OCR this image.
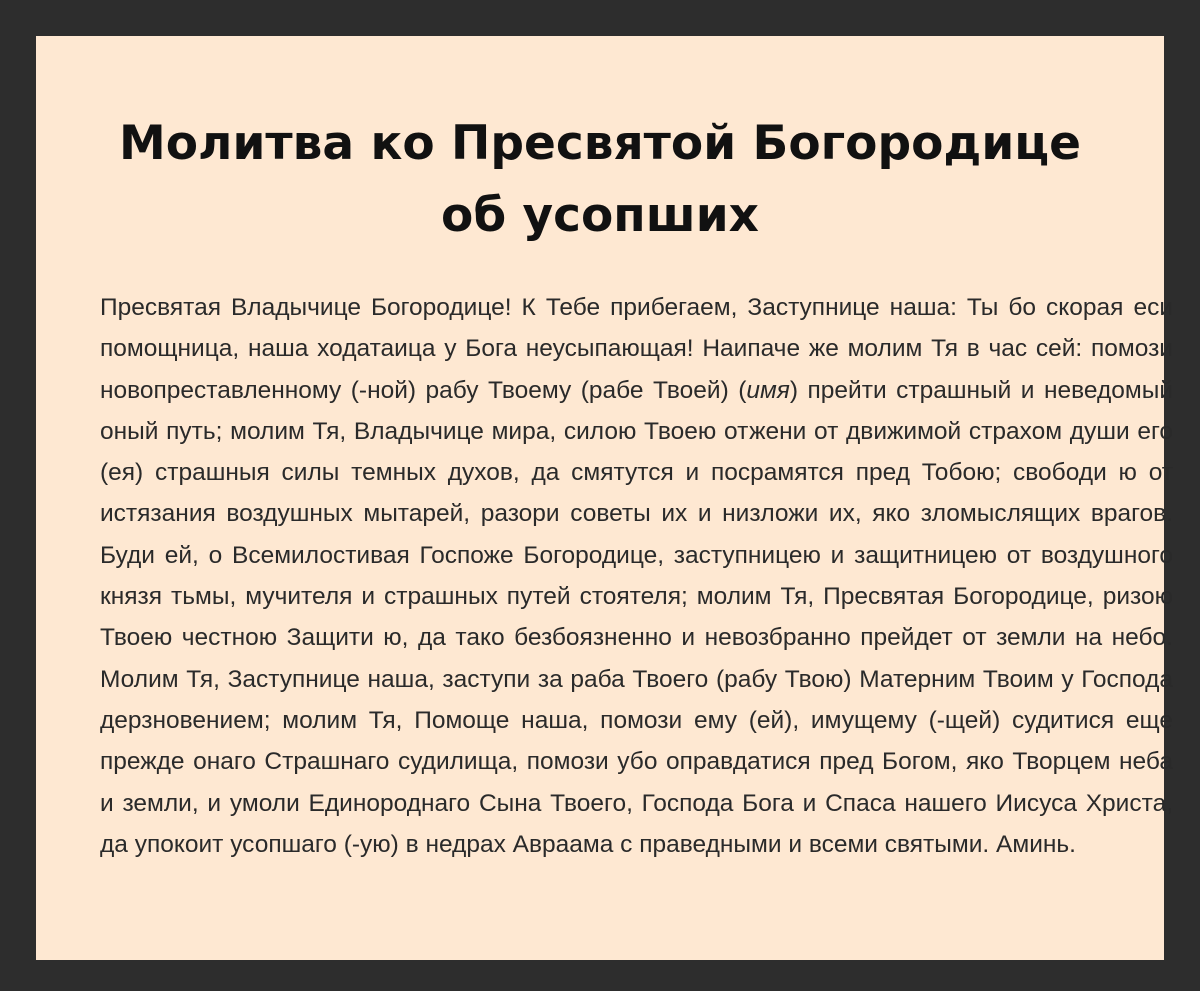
Молитва ко Пресвятой Богородице
об усопших

Пресвятая Владычице Богородице! К Тебе прибегаем, Заступнице наша: Ты бо скорая еси помощница, наша ходатаица у Бога неусыпающая! Наипаче же молим Тя в час сей: помози новопреставленному (-ной) рабу Твоему (рабе Твоей) (имя) прейти страшный и неведомый оный путь; молим Тя, Владычице мира, силою Твоею отжени от движимой страхом души его (ея) страшныя силы темных духов, да смятутся и посрамятся пред Тобою; свободи ю от истязания воздушных мытарей, разори советы их и низложи их, яко зломыслящих врагов. Буди ей, о Всемилостивая Госпоже Богородице, заступницею и защитницею от воздушного князя тьмы, мучителя и страшных путей стоятеля; молим Тя, Пресвятая Богородице, ризою Твоею честною Защити ю, да тако безбоязненно и невозбранно прейдет от земли на небо. Молим Тя, Заступнице наша, заступи за раба Твоего (рабу Твою) Матерним Твоим у Господа дерзновением; молим Тя, Помоще наша, помози ему (ей), имущему (-щей) судитися еще прежде онаго Страшнаго судилища, помози убо оправдатися пред Богом, яко Творцем неба и земли, и умоли Единороднаго Сына Твоего, Господа Бога и Спаса нашего Иисуса Христа, да упокоит усопшаго (-ую) в недрах Авраама с праведными и всеми святыми. Аминь.
